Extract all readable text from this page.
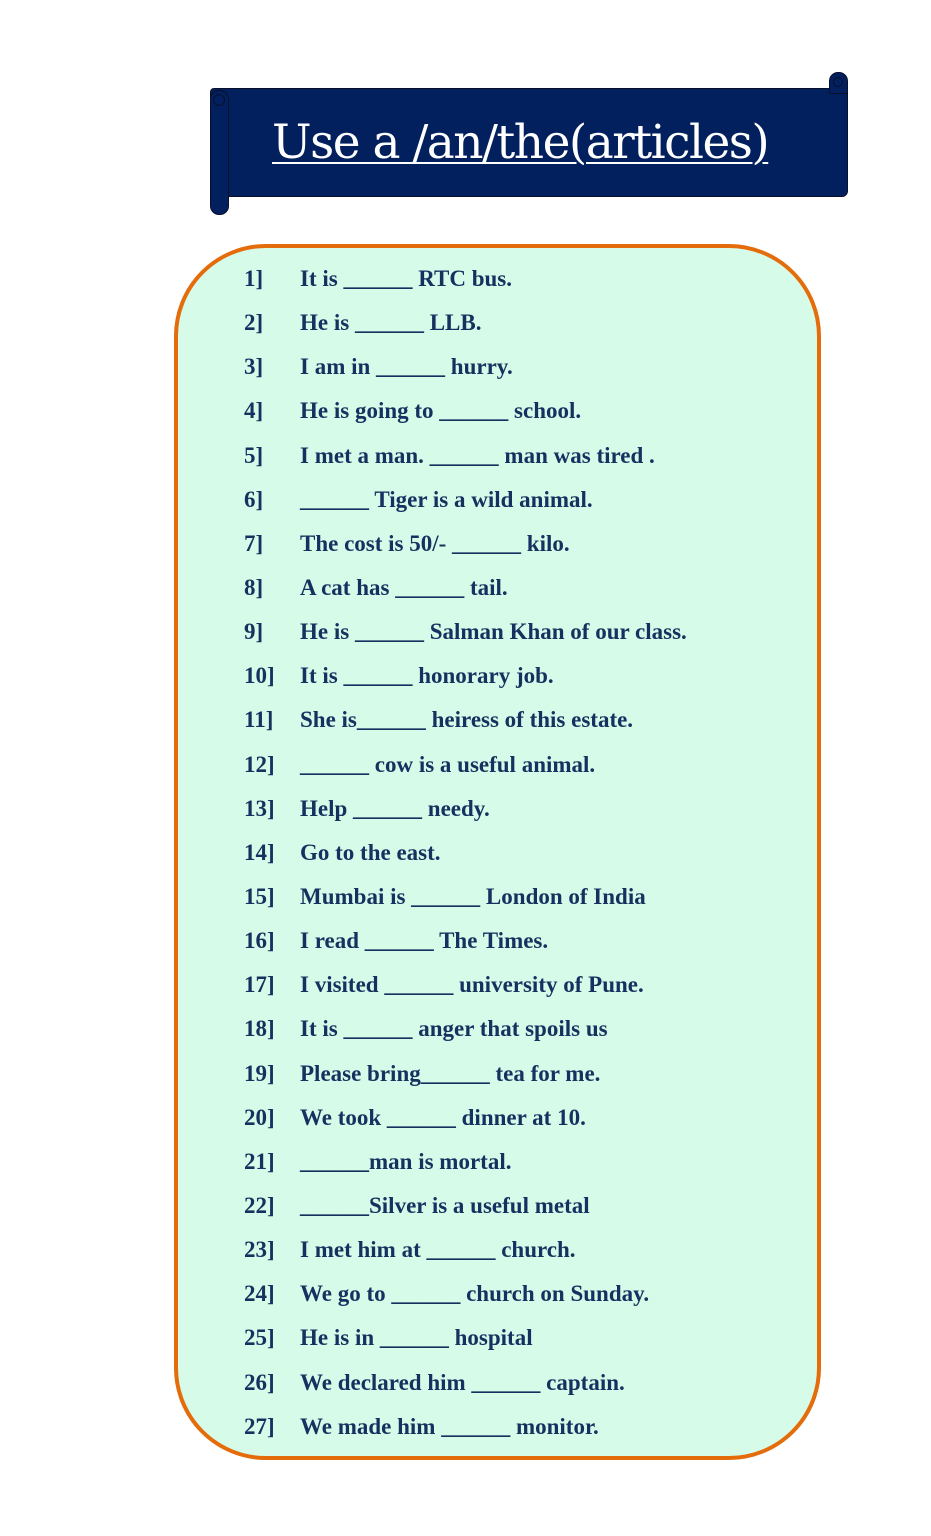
Use a /an/the(articles)
1]	It is ______ RTC bus.
2]	He is ______ LLB.
3]	I am in ______ hurry.
4]	He is going to ______ school.
5]	I met a man. ______ man was tired .
6]	______ Tiger is a wild animal.
7]	The cost is 50/- ______ kilo.
8]	A cat has ______ tail.
9]	He is ______ Salman Khan of our class.
10]	It is ______ honorary job.
11]	She is______ heiress of this estate.
12]	______ cow is a useful animal.
13]	Help ______ needy.
14]	Go to the east.
15]	Mumbai is ______ London of India
16]	I read ______ The Times.
17]	I visited ______ university of Pune.
18]	It is ______ anger that spoils us
19]	Please bring______ tea for me.
20]	We took ______ dinner at 10.
21]	______man is mortal.
22]	______Silver is a useful metal
23]	I met him at ______ church.
24]	We go to ______ church on Sunday.
25]	He is in ______ hospital
26]	We declared him ______ captain.
27]	We made him ______ monitor.
